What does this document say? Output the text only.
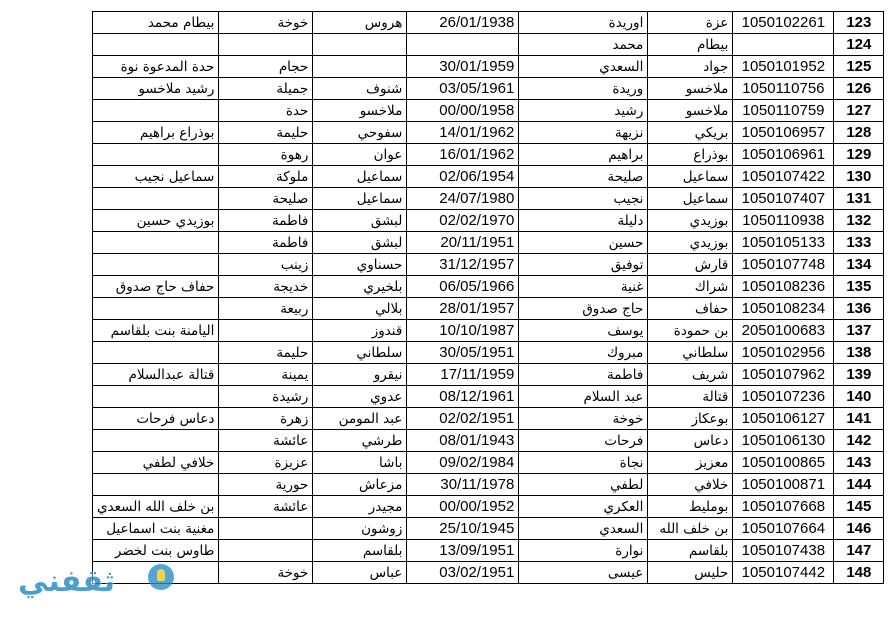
بيطام محمد	خوخة	هروس	26/01/1938	اوريدة	عزة	1050102261	123
				محمد	بيطام		124
حدة المدعوة نوة	حجام		30/01/1959	السعدي	جواد	1050101952	125
رشيد ملاخسو	جميلة	شنوف	03/05/1961	وريدة	ملاخسو	1050110756	126
	حدة	ملاخسو	00/00/1958	رشيد	ملاخسو	1050110759	127
بوذراع براهيم	حليمة	سفوحي	14/01/1962	نزيهة	بريكي	1050106957	128
	رهوة	عوان	16/01/1962	براهيم	بوذراع	1050106961	129
سماعيل نجيب	ملوكة	سماعيل	02/06/1954	صليحة	سماعيل	1050107422	130
	صليحة	سماعيل	24/07/1980	نجيب	سماعيل	1050107407	131
بوزيدي حسين	فاطمة	لبشق	02/02/1970	دليلة	بوزيدي	1050110938	132
	فاطمة	لبشق	20/11/1951	حسين	بوزيدي	1050105133	133
	زينب	حسناوي	31/12/1957	توفيق	قارش	1050107748	134
حفاف حاج صدوق	خديجة	بلخيري	06/05/1966	غنية	شراك	1050108236	135
	ربيعة	بلالي	28/01/1957	حاج صدوق	حفاف	1050108234	136
اليامنة بنت بلقاسم		قندوز	10/10/1987	يوسف	بن حمودة	2050100683	137
	حليمة	سلطاني	30/05/1951	مبروك	سلطاني	1050102956	138
قتالة عبدالسلام	يمينة	نيقرو	17/11/1959	فاطمة	شريف	1050107962	139
	رشيدة	عدوي	08/12/1961	عبد السلام	قتالة	1050107236	140
دعاس فرحات	زهرة	عبد المومن	02/02/1951	خوخة	بوعكاز	1050106127	141
	عائشة	طرشي	08/01/1943	فرحات	دعاس	1050106130	142
خلافي لطفي	عزيزة	باشا	09/02/1984	نجاة	معزيز	1050100865	143
	حورية	مزعاش	30/11/1978	لطفي	خلافي	1050100871	144
بن خلف الله السعدي	عائشة	مجيدر	00/00/1952	العكري	بومليط	1050107668	145
مغنية بنت اسماعيل		زوشون	25/10/1945	السعدي	بن خلف الله	1050107664	146
طاوس بنت لخضر		بلقاسم	13/09/1951	نوارة	بلقاسم	1050107438	147
	خوخة	عباس	03/02/1951	عيسى	حليس	1050107442	148
ثقفني
